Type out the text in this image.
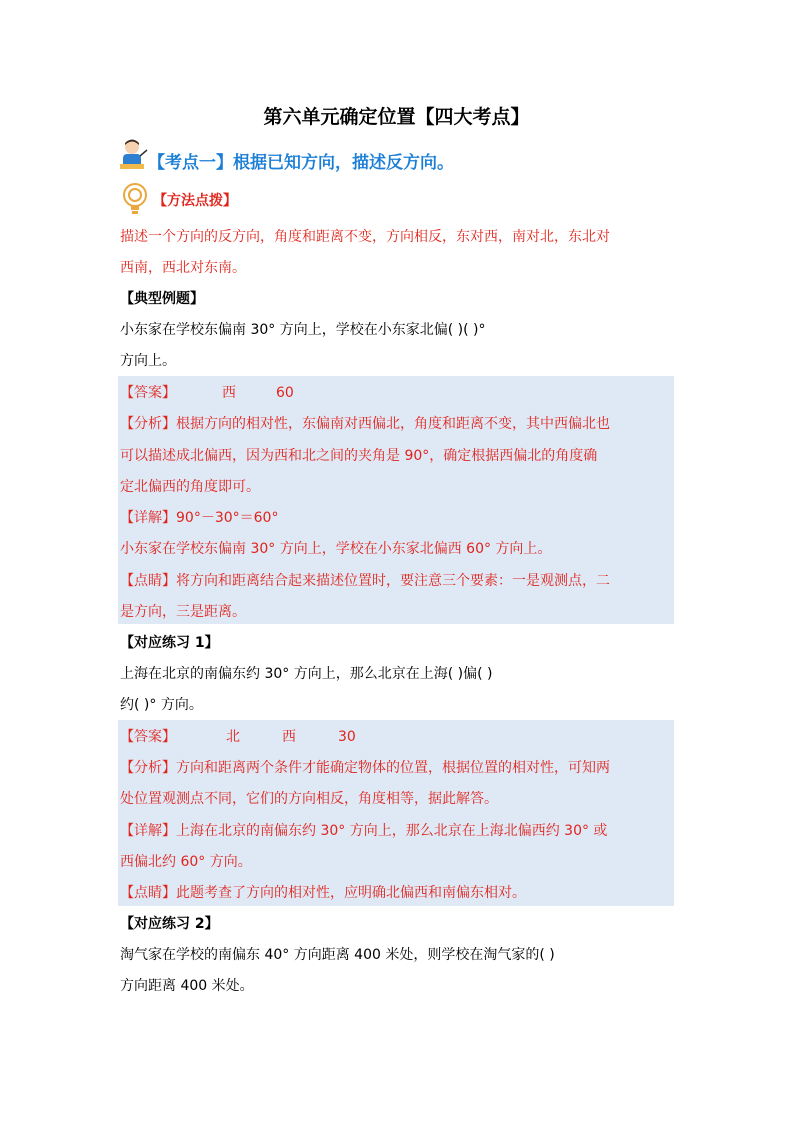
第六单元确定位置【四大考点】
【考点一】根据已知方向，描述反方向。
【方法点拨】
描述一个方向的反方向，角度和距离不变，方向相反，东对西，南对北，东北对
西南，西北对东南。
【典型例题】
小东家在学校东偏南 30° 方向上，学校在小东家北偏( )( )°
方向上。
【答案】	西	60
【分析】根据方向的相对性，东偏南对西偏北，角度和距离不变，其中西偏北也
可以描述成北偏西，因为西和北之间的夹角是 90°，确定根据西偏北的角度确
定北偏西的角度即可。
【详解】90°－30°＝60°
小东家在学校东偏南 30° 方向上，学校在小东家北偏西 60° 方向上。
【点睛】将方向和距离结合起来描述位置时，要注意三个要素：一是观测点，二
是方向，三是距离。
【对应练习 1】
上海在北京的南偏东约 30° 方向上，那么北京在上海( )偏( )
约( )° 方向。
【答案】	北	西	30
【分析】方向和距离两个条件才能确定物体的位置，根据位置的相对性，可知两
处位置观测点不同，它们的方向相反，角度相等，据此解答。
【详解】上海在北京的南偏东约 30° 方向上，那么北京在上海北偏西约 30° 或
西偏北约 60° 方向。
【点睛】此题考查了方向的相对性，应明确北偏西和南偏东相对。
【对应练习 2】
淘气家在学校的南偏东 40° 方向距离 400 米处，则学校在淘气家的( )
方向距离 400 米处。
